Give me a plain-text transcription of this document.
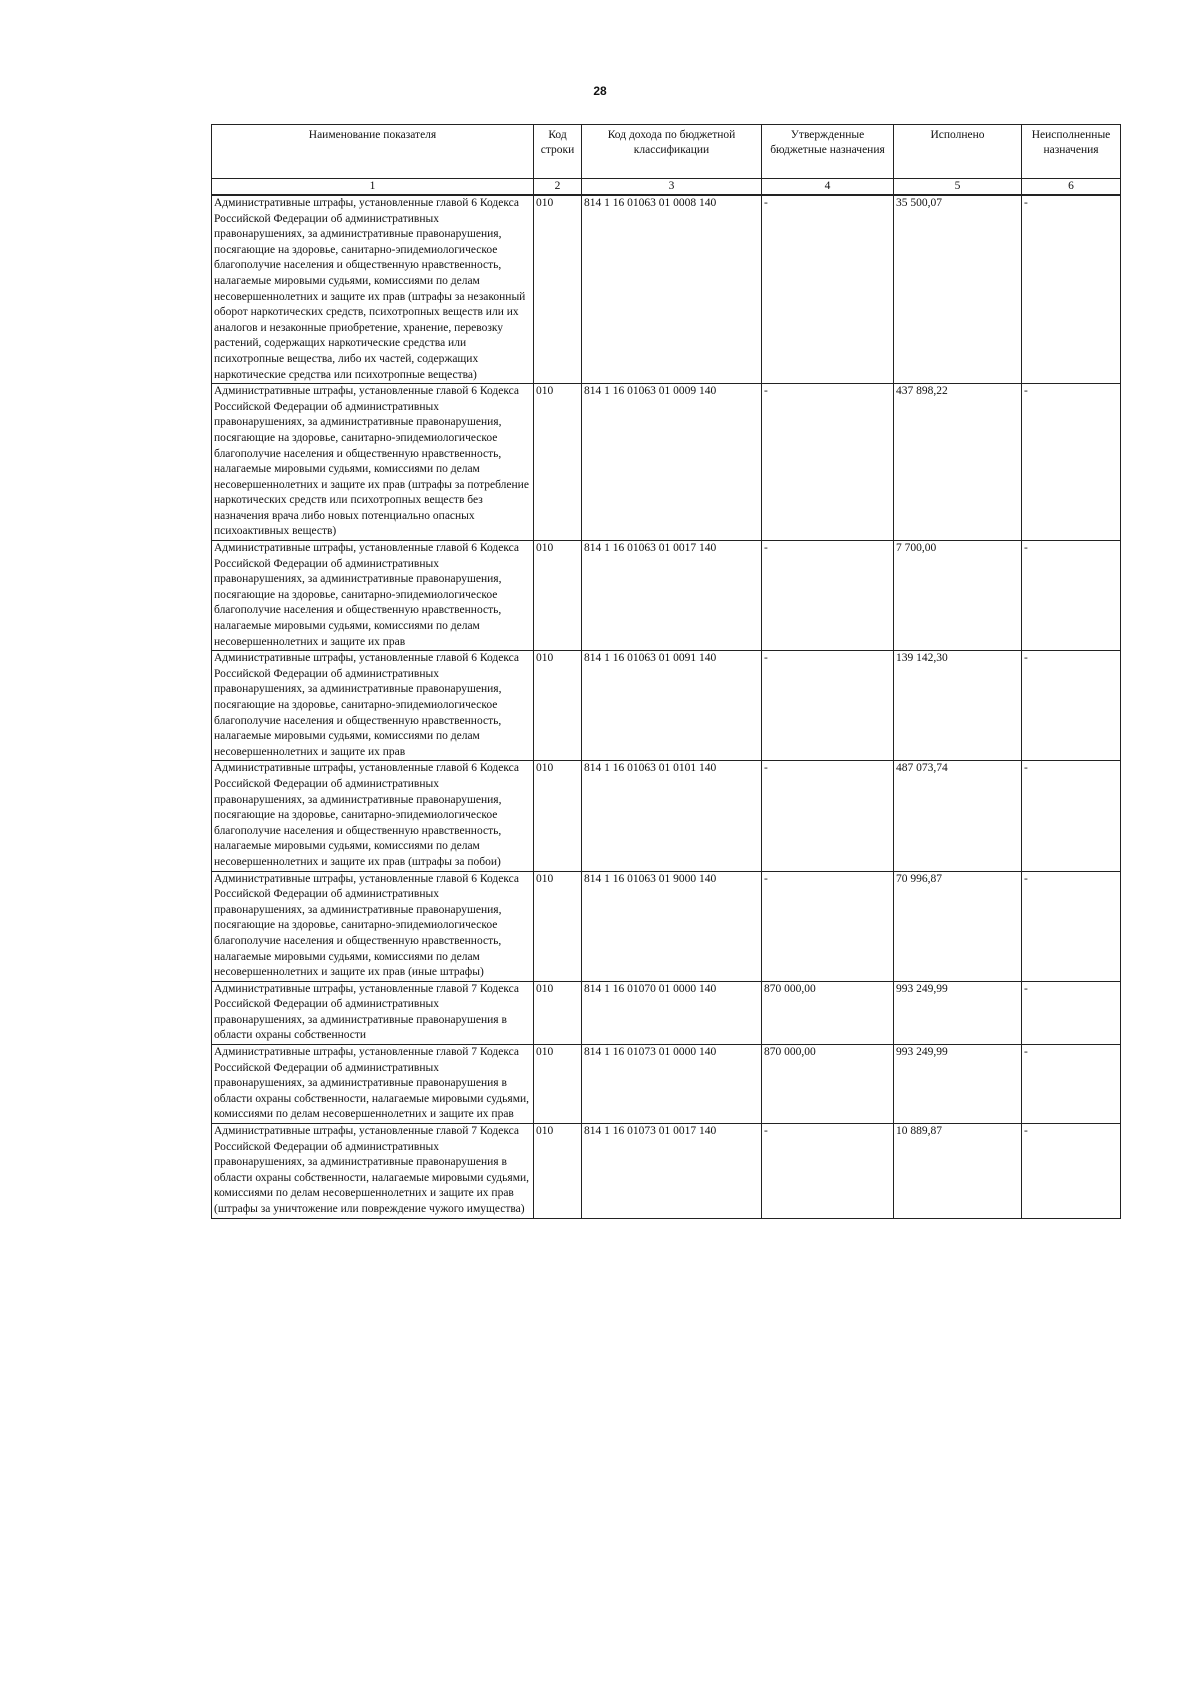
28
Наименование показателя	Код строки	Код дохода по бюджетной классификации	Утвержденные бюджетные назначения	Исполнено	Неисполненные назначения
1	2	3	4	5	6
Административные штрафы, установленные главой 6 Кодекса Российской Федерации об административных правонарушениях, за административные правонарушения, посягающие на здоровье, санитарно-эпидемиологическое благополучие населения и общественную нравственность, налагаемые мировыми судьями, комиссиями по делам несовершеннолетних и защите их прав (штрафы за незаконный оборот наркотических средств, психотропных веществ или их аналогов и незаконные приобретение, хранение, перевозку растений, содержащих наркотические средства или психотропные вещества, либо их частей, содержащих наркотические средства или психотропные вещества)	010	814 1 16 01063 01 0008 140	-	35 500,07	-
Административные штрафы, установленные главой 6 Кодекса Российской Федерации об административных правонарушениях, за административные правонарушения, посягающие на здоровье, санитарно-эпидемиологическое благополучие населения и общественную нравственность, налагаемые мировыми судьями, комиссиями по делам несовершеннолетних и защите их прав (штрафы за потребление наркотических средств или психотропных веществ без назначения врача либо новых потенциально опасных психоактивных веществ)	010	814 1 16 01063 01 0009 140	-	437 898,22	-
Административные штрафы, установленные главой 6 Кодекса Российской Федерации об административных правонарушениях, за административные правонарушения, посягающие на здоровье, санитарно-эпидемиологическое благополучие населения и общественную нравственность, налагаемые мировыми судьями, комиссиями по делам несовершеннолетних и защите их прав	010	814 1 16 01063 01 0017 140	-	7 700,00	-
Административные штрафы, установленные главой 6 Кодекса Российской Федерации об административных правонарушениях, за административные правонарушения, посягающие на здоровье, санитарно-эпидемиологическое благополучие населения и общественную нравственность, налагаемые мировыми судьями, комиссиями по делам несовершеннолетних и защите их прав	010	814 1 16 01063 01 0091 140	-	139 142,30	-
Административные штрафы, установленные главой 6 Кодекса Российской Федерации об административных правонарушениях, за административные правонарушения, посягающие на здоровье, санитарно-эпидемиологическое благополучие населения и общественную нравственность, налагаемые мировыми судьями, комиссиями по делам несовершеннолетних и защите их прав (штрафы за побои)	010	814 1 16 01063 01 0101 140	-	487 073,74	-
Административные штрафы, установленные главой 6 Кодекса Российской Федерации об административных правонарушениях, за административные правонарушения, посягающие на здоровье, санитарно-эпидемиологическое благополучие населения и общественную нравственность, налагаемые мировыми судьями, комиссиями по делам несовершеннолетних и защите их прав (иные штрафы)	010	814 1 16 01063 01 9000 140	-	70 996,87	-
Административные штрафы, установленные главой 7 Кодекса Российской Федерации об административных правонарушениях, за административные правонарушения в области охраны собственности	010	814 1 16 01070 01 0000 140	870 000,00	993 249,99	-
Административные штрафы, установленные главой 7 Кодекса Российской Федерации об административных правонарушениях, за административные правонарушения в области охраны собственности, налагаемые мировыми судьями, комиссиями по делам несовершеннолетних и защите их прав	010	814 1 16 01073 01 0000 140	870 000,00	993 249,99	-
Административные штрафы, установленные главой 7 Кодекса Российской Федерации об административных правонарушениях, за административные правонарушения в области охраны собственности, налагаемые мировыми судьями, комиссиями по делам несовершеннолетних и защите их прав (штрафы за уничтожение или повреждение чужого имущества)	010	814 1 16 01073 01 0017 140	-	10 889,87	-
